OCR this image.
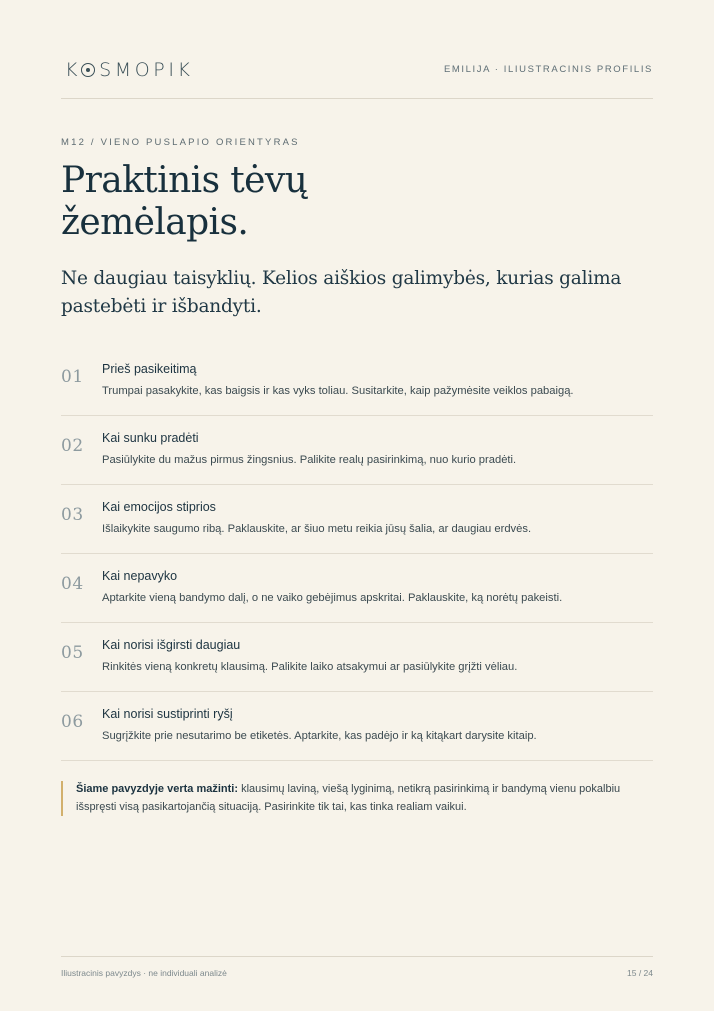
K SMOPIK	EMILIJA · ILIUSTRACINIS PROFILIS
M12 / VIENO PUSLAPIO ORIENTYRAS
Praktinis tėvų žemėlapis.

Ne daugiau taisyklių. Kelios aiškios galimybės, kurias galima pastebėti ir išbandyti.

01 Prieš pasikeitimą
Trumpai pasakykite, kas baigsis ir kas vyks toliau. Susitarkite, kaip pažymėsite veiklos pabaigą.
02 Kai sunku pradėti
Pasiūlykite du mažus pirmus žingsnius. Palikite realų pasirinkimą, nuo kurio pradėti.
03 Kai emocijos stiprios
Išlaikykite saugumo ribą. Paklauskite, ar šiuo metu reikia jūsų šalia, ar daugiau erdvės.
04 Kai nepavyko
Aptarkite vieną bandymo dalį, o ne vaiko gebėjimus apskritai. Paklauskite, ką norėtų pakeisti.
05 Kai norisi išgirsti daugiau
Rinkitės vieną konkretų klausimą. Palikite laiko atsakymui ar pasiūlykite grįžti vėliau.
06 Kai norisi sustiprinti ryšį
Sugrįžkite prie nesutarimo be etiketės. Aptarkite, kas padėjo ir ką kitąkart darysite kitaip.
Šiame pavyzdyje verta mažinti: klausimų laviną, viešą lyginimą, netikrą pasirinkimą ir bandymą vienu pokalbiu išspręsti visą pasikartojančią situaciją. Pasirinkite tik tai, kas tinka realiam vaikui.
Iliustracinis pavyzdys · ne individuali analizė	15 / 24
